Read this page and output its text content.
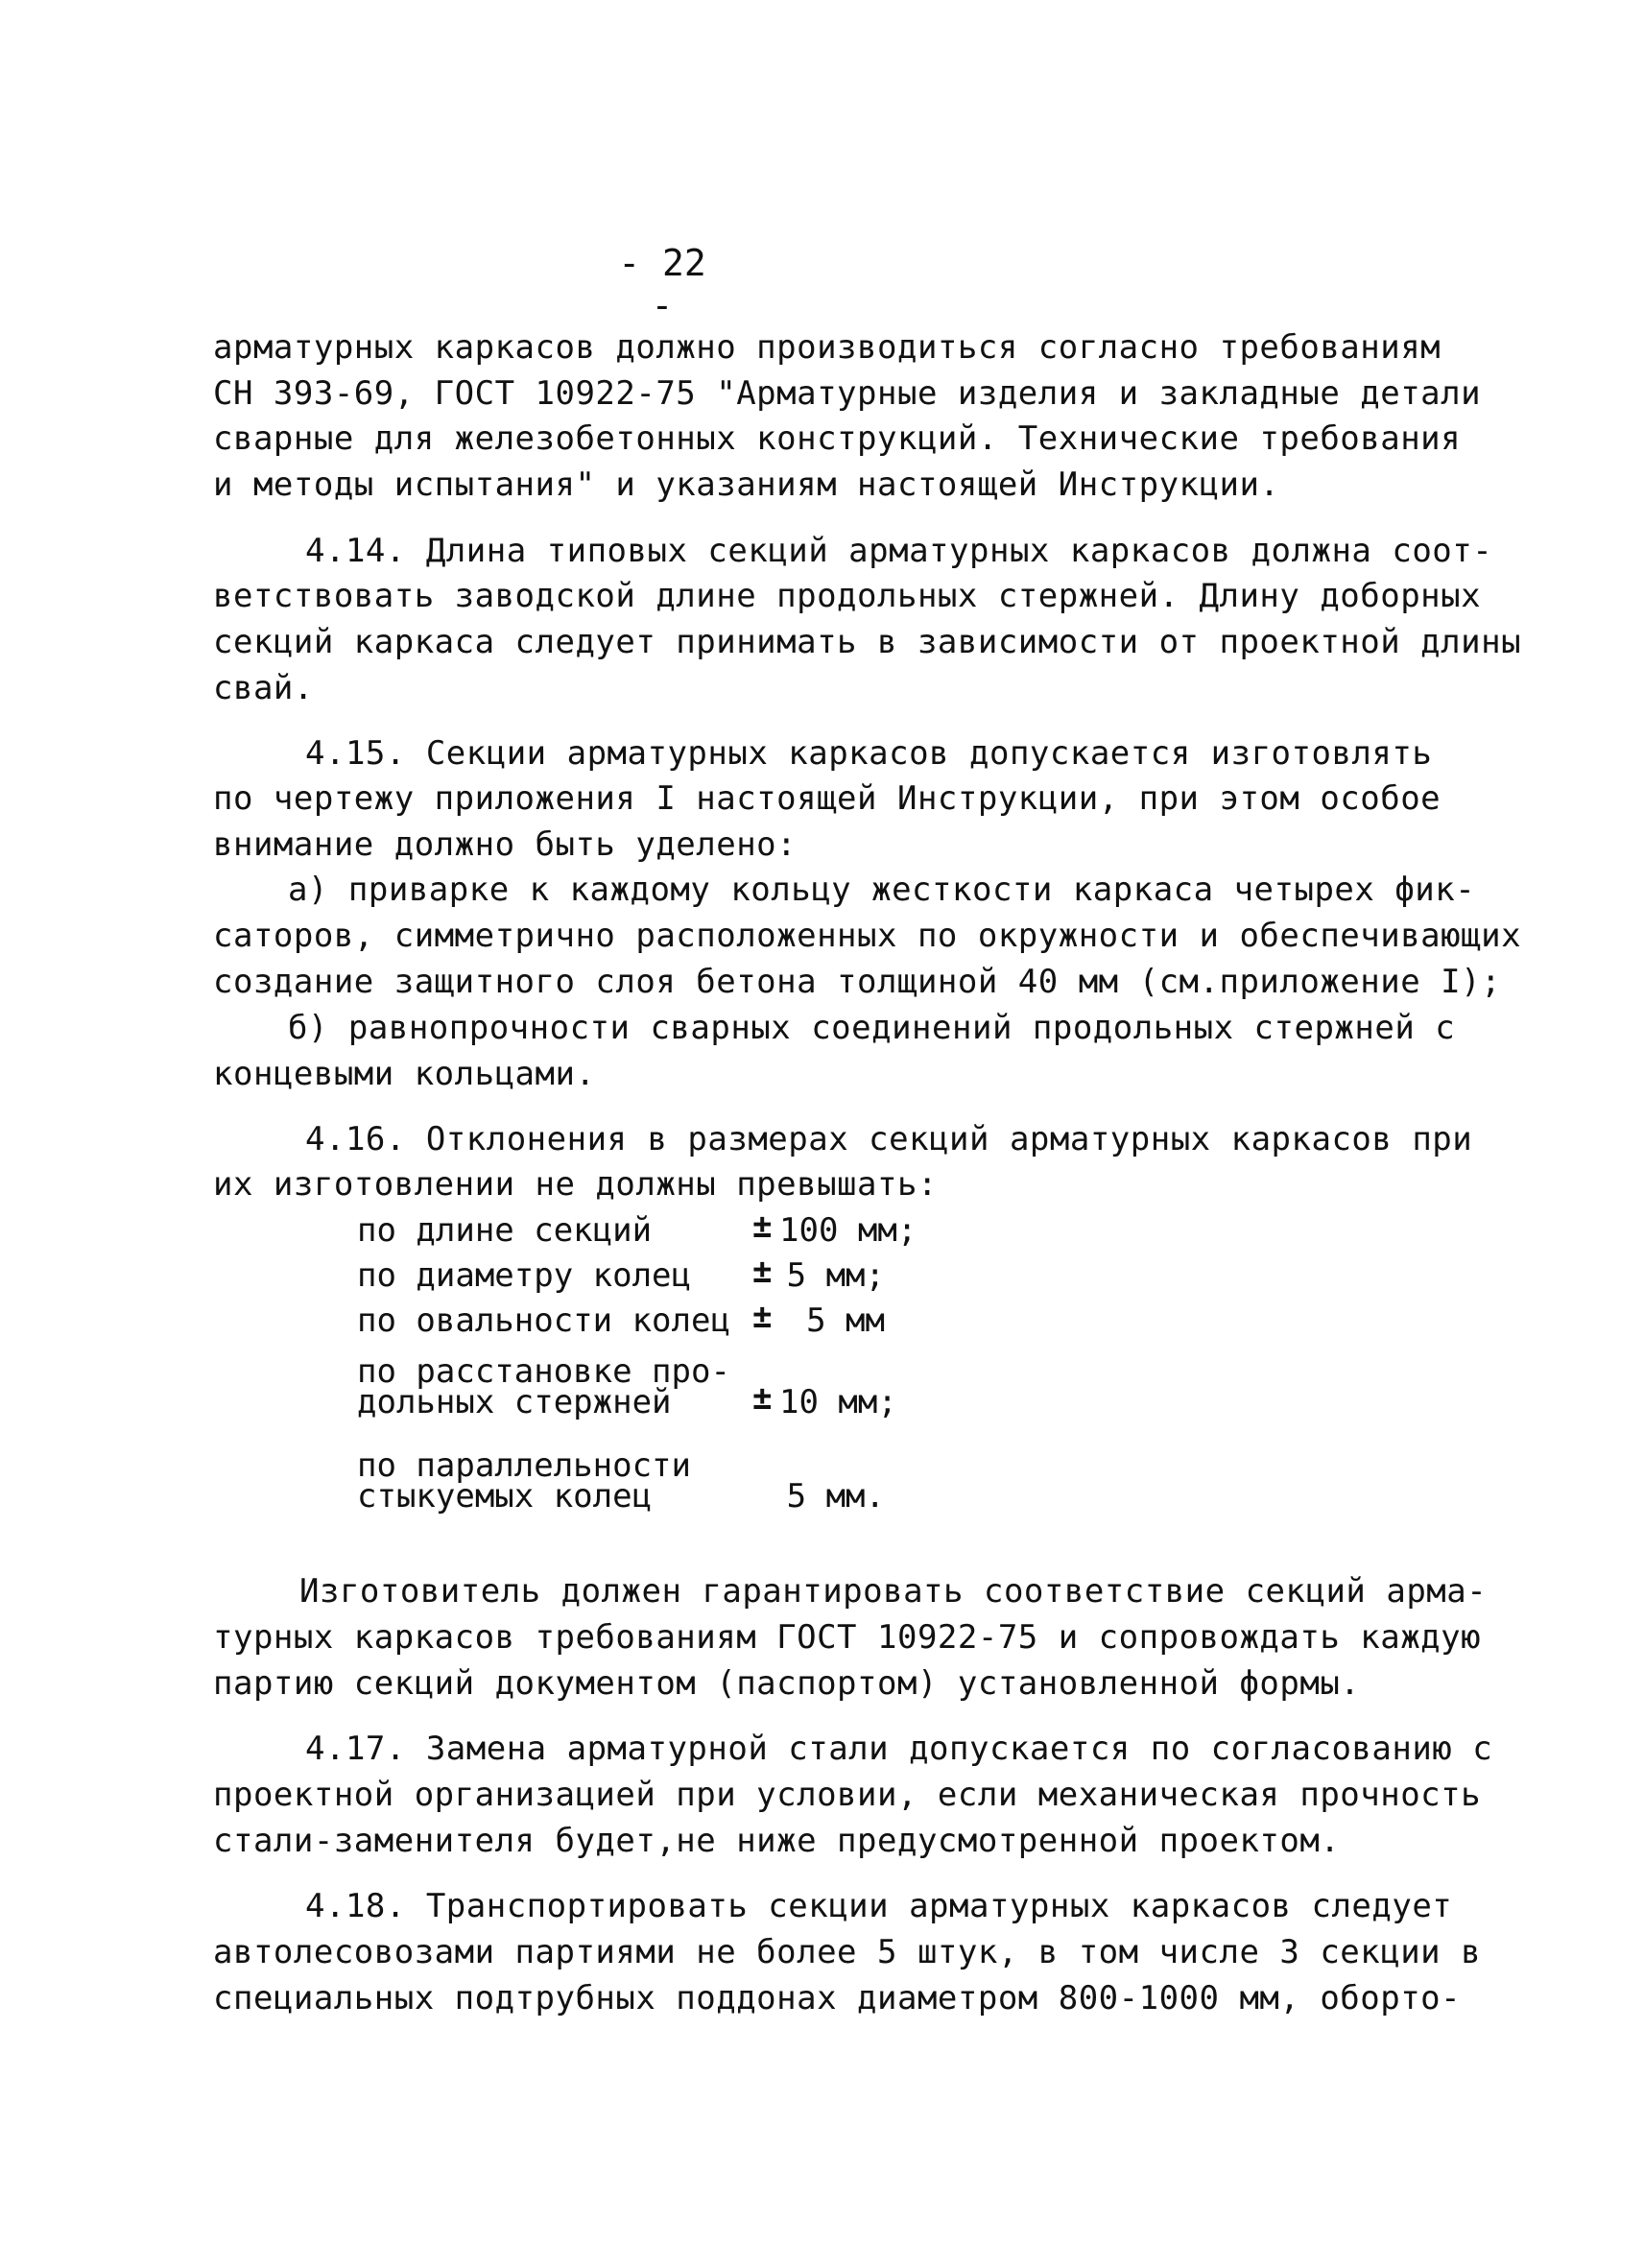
- 22 -
арматурных каркасов должно производиться согласно требованиям
СН 393-69, ГОСТ 10922-75 "Арматурные изделия и закладные детали
сварные для железобетонных конструкций. Технические требования
и методы испытания" и указаниям настоящей Инструкции.
4.14. Длина типовых секций арматурных каркасов должна соот-
ветствовать заводской длине продольных стержней. Длину доборных
секций каркаса следует принимать в зависимости от проектной длины
свай.
4.15. Секции арматурных каркасов допускается изготовлять
по чертежу приложения I настоящей Инструкции, при этом особое
внимание должно быть уделено:
а) приварке к каждому кольцу жесткости каркаса четырех фик-
саторов, симметрично расположенных по окружности и обеспечивающих
создание защитного слоя бетона толщиной 40 мм (см.приложение I);
б) равнопрочности сварных соединений продольных стержней с
концевыми кольцами.
4.16. Отклонения в размерах секций арматурных каркасов при
их изготовлении не должны превышать:
по длине секций	± 100 мм;
по диаметру колец ± 5 мм;
по овальности колец ±	5 мм
по расстановке про-
дольных стержней ± 10 мм;
по параллельности
стыкуемых колец	5 мм.
Изготовитель должен гарантировать соответствие секций арма-
турных каркасов требованиям ГОСТ 10922-75 и сопровождать каждую
партию секций документом (паспортом) установленной формы.
4.17. Замена арматурной стали допускается по согласованию с
проектной организацией при условии, если механическая прочность
стали-заменителя будет,не ниже предусмотренной проектом.
4.18. Транспортировать секции арматурных каркасов следует
автолесовозами партиями не более 5 штук, в том числе 3 секции в
специальных подтрубных поддонах диаметром 800-1000 мм, оборто-
